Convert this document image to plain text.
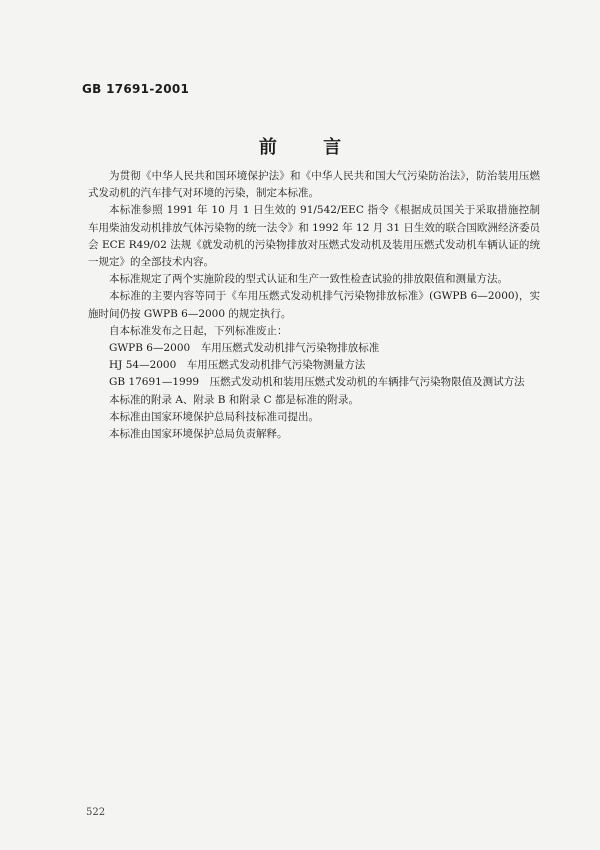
GB 17691-2001
前 言

为贯彻《中华人民共和国环境保护法》和《中华人民共和国大气污染防治法》，防治装用压燃式发动机的汽车排气对环境的污染，制定本标准。

本标准参照 1991 年 10 月 1 日生效的 91/542/EEC 指令《根据成员国关于采取措施控制车用柴油发动机排放气体污染物的统一法令》和 1992 年 12 月 31 日生效的联合国欧洲经济委员会 ECE R49/02 法规《就发动机的污染物排放对压燃式发动机及装用压燃式发动机车辆认证的统一规定》的全部技术内容。

本标准规定了两个实施阶段的型式认证和生产一致性检查试验的排放限值和测量方法。

本标准的主要内容等同于《车用压燃式发动机排气污染物排放标准》(GWPB 6—2000)，实施时间仍按 GWPB 6—2000 的规定执行。

自本标准发布之日起，下列标准废止：

GWPB 6—2000　车用压燃式发动机排气污染物排放标准

HJ 54—2000　车用压燃式发动机排气污染物测量方法

GB 17691—1999　压燃式发动机和装用压燃式发动机的车辆排气污染物限值及测试方法

本标准的附录 A、附录 B 和附录 C 都是标准的附录。

本标准由国家环境保护总局科技标准司提出。

本标准由国家环境保护总局负责解释。

522
